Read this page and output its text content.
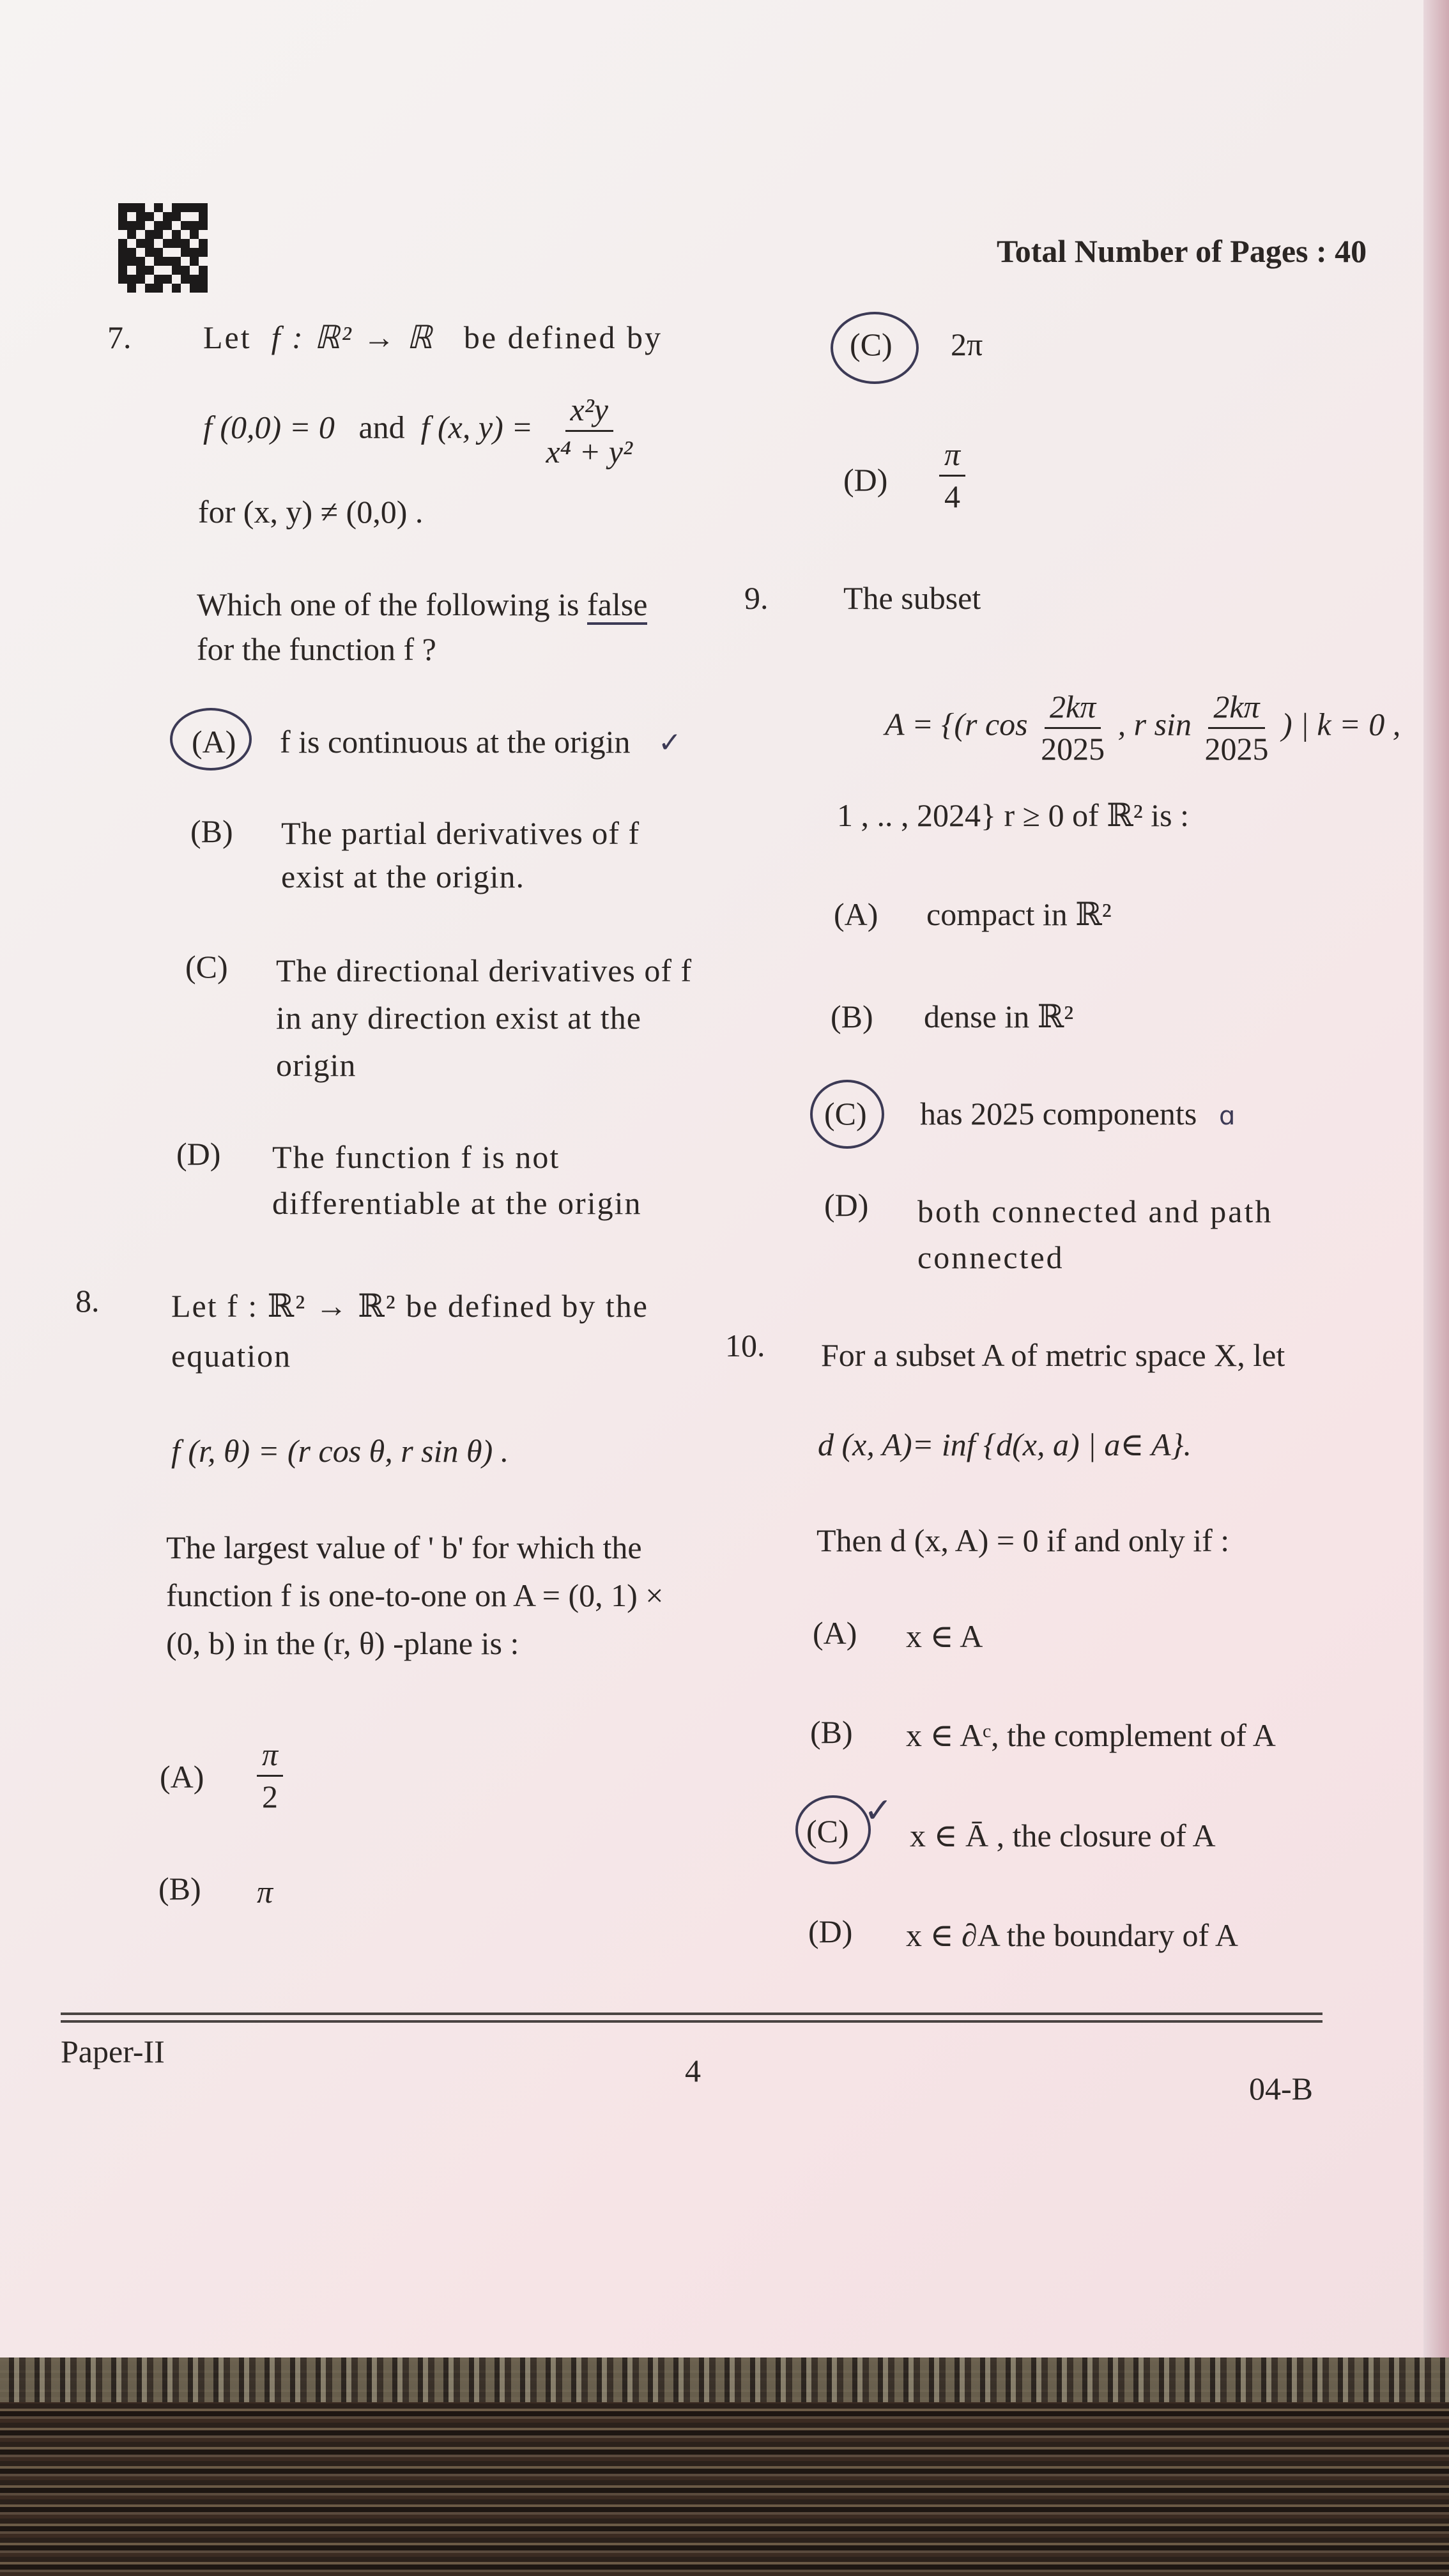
Total Number of Pages : 40
7. Let f : ℝ² → ℝ be defined by
f (0,0) = 0 and f (x, $y) = \frac{\text{x²y}}{\text{x⁴ + y²}}$
for (x, y) ≠ (0,0) .
Which one of the following is false
for the function f ?
(A) f is continuous at the origin ✓
(B) The partial derivatives of f exist at the origin.
(C) The directional derivatives of f in any direction exist at the origin
(D) The function f is not differentiable at the origin
8. Let f : ℝ² → ℝ² be defined by the equation
f (r, θ) = (r cos θ, r sin θ) .
The largest value of ' b' for which the function f is one-to-one on A = (0, 1) × (0, b) in the (r, θ) -plane is :
$(A) \frac{\pi}{2}$
(B) π
(C) 2π
$(D) \frac{\pi}{4}$
9. The subset
A = {(r $\cos \frac{2k\pi}{2025}$ , r $\sin \frac{2k\pi}{2025}$ ) | k = 0 ,
1 , .. , 2024} r ≥ 0 of ℝ² is :
(A) compact in ℝ²
(B) dense in ℝ²
(C) has 2025 components ɑ
(D) both connected and path connected
10. For a subset A of metric space X, let
d (x, A)= inf {d(x, a) | a∈ A}.
Then d (x, A) = 0 if and only if :
(A) x ∈ A
(B) x ∈ Aᶜ, the complement of A
(C)
✓
x ∈ Ā , the closure of A
(D) x ∈ ∂A the boundary of A
Paper-II
4	04-B
